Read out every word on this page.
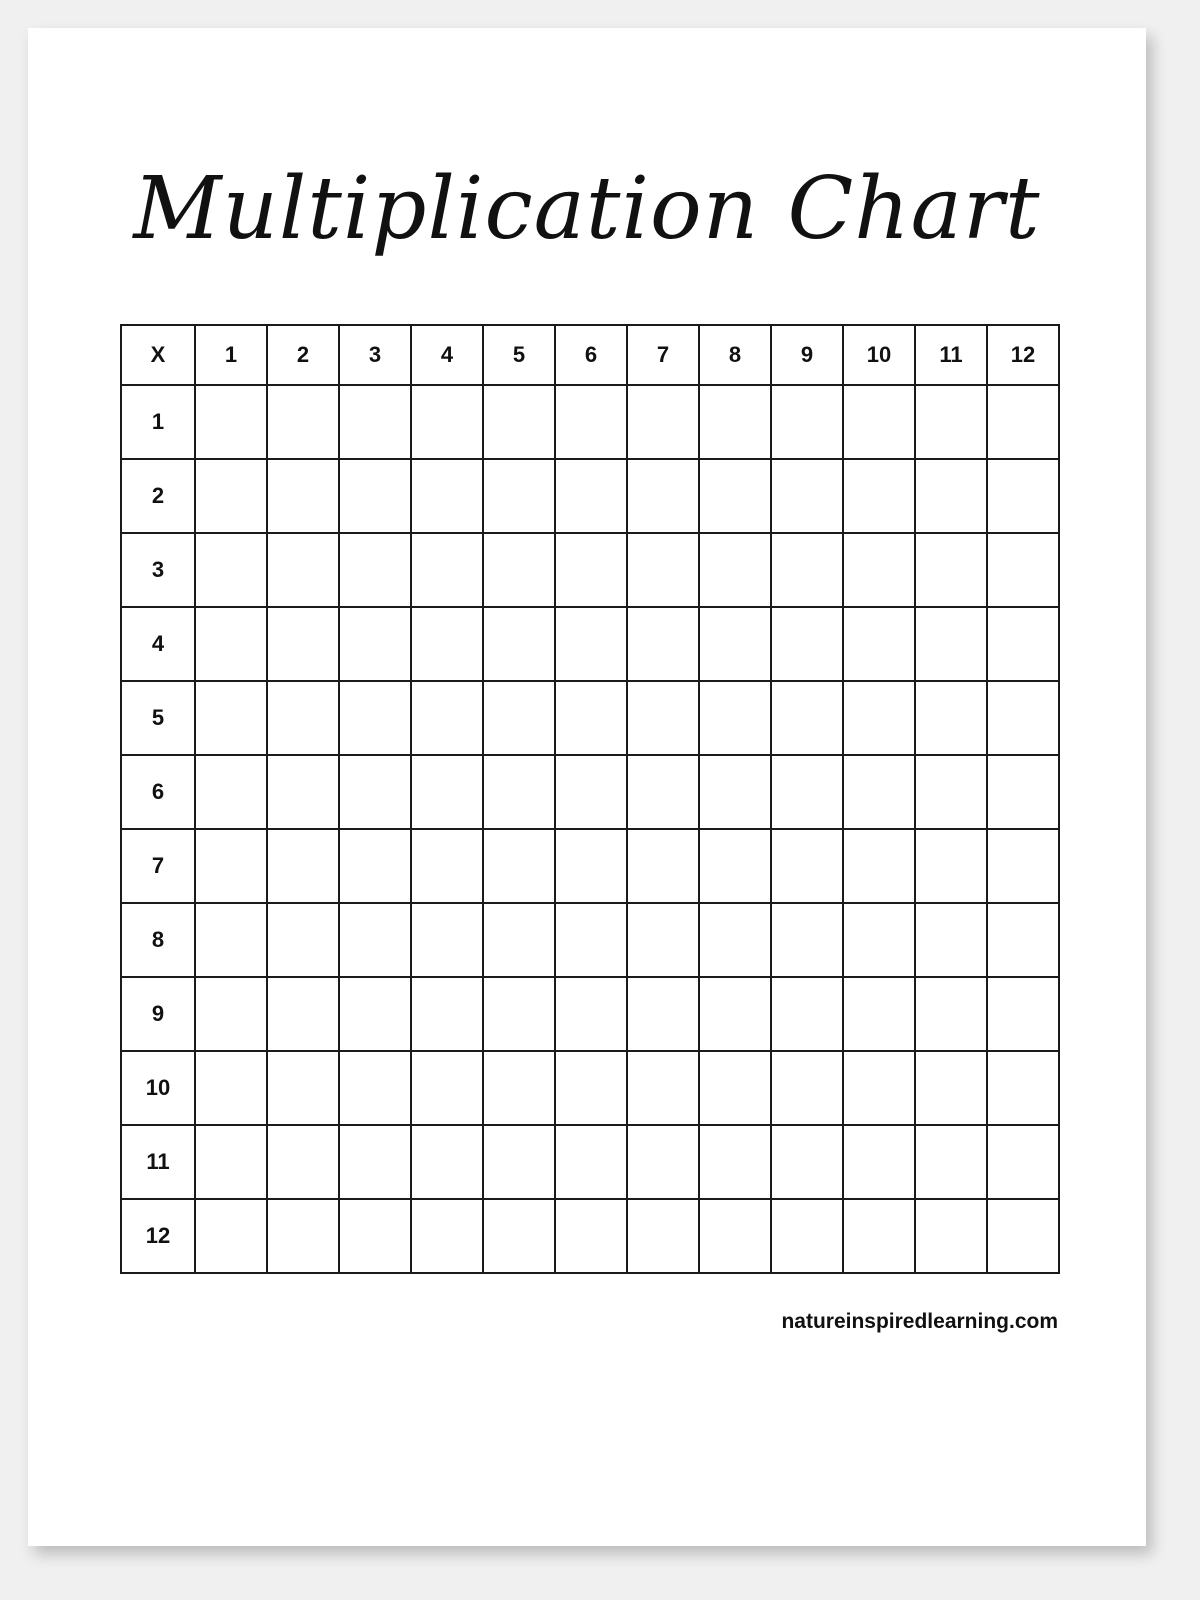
Multiplication Chart
X	1	2	3	4	5	6	7	8	9	10	11	12
1												
2												
3												
4												
5												
6												
7												
8												
9												
10												
11												
12												
natureinspiredlearning.com
